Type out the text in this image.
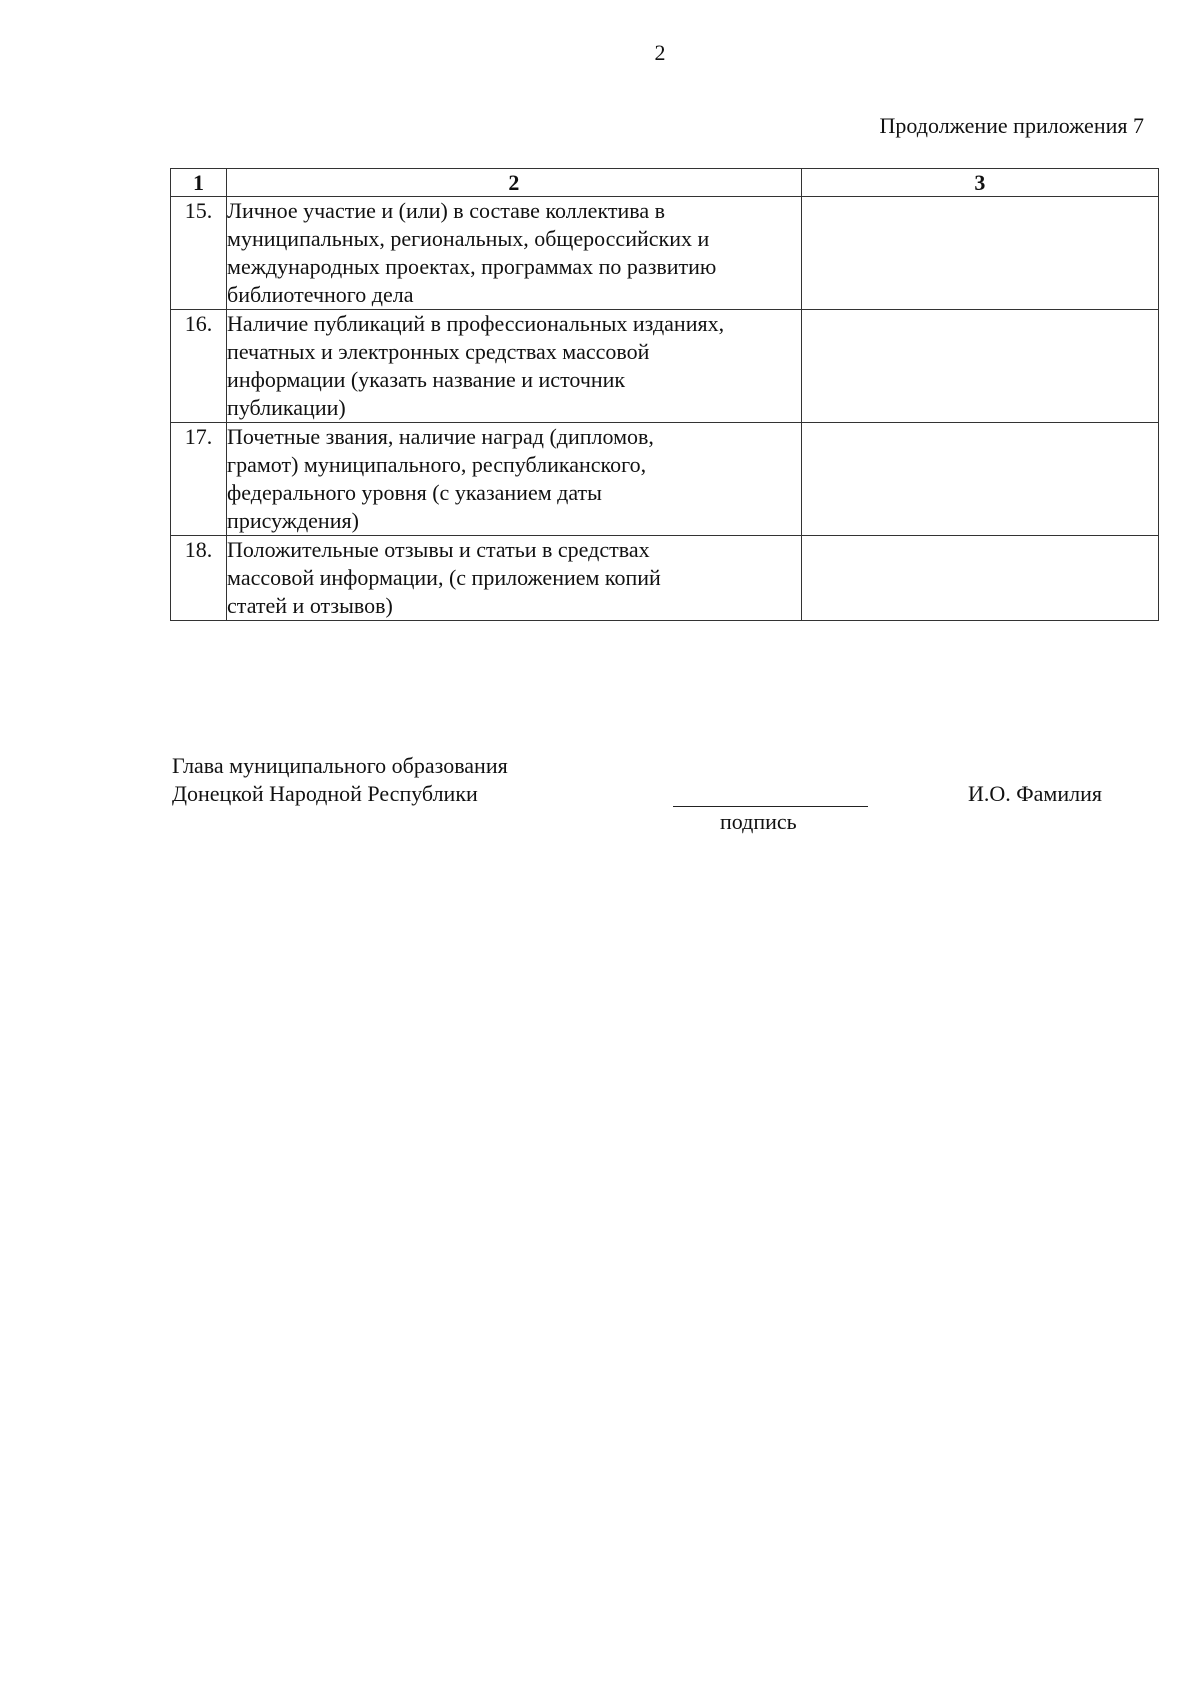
2
Продолжение приложения 7
1	2	3
15.	Личное участие и (или) в составе коллектива в
муниципальных, региональных, общероссийских и
международных проектах, программах по развитию
библиотечного дела	

16.	Наличие публикаций в профессиональных изданиях,
печатных и электронных средствах массовой
информации (указать название и источник
публикации)	

17.	Почетные звания, наличие наград (дипломов,
грамот) муниципального, республиканского,
федерального уровня (с указанием даты
присуждения)	

18.	Положительные отзывы и статьи в средствах
массовой информации, (с приложением копий
статей и отзывов)	

Глава муниципального образования
Донецкой Народной Республики
подпись
И.О. Фамилия
